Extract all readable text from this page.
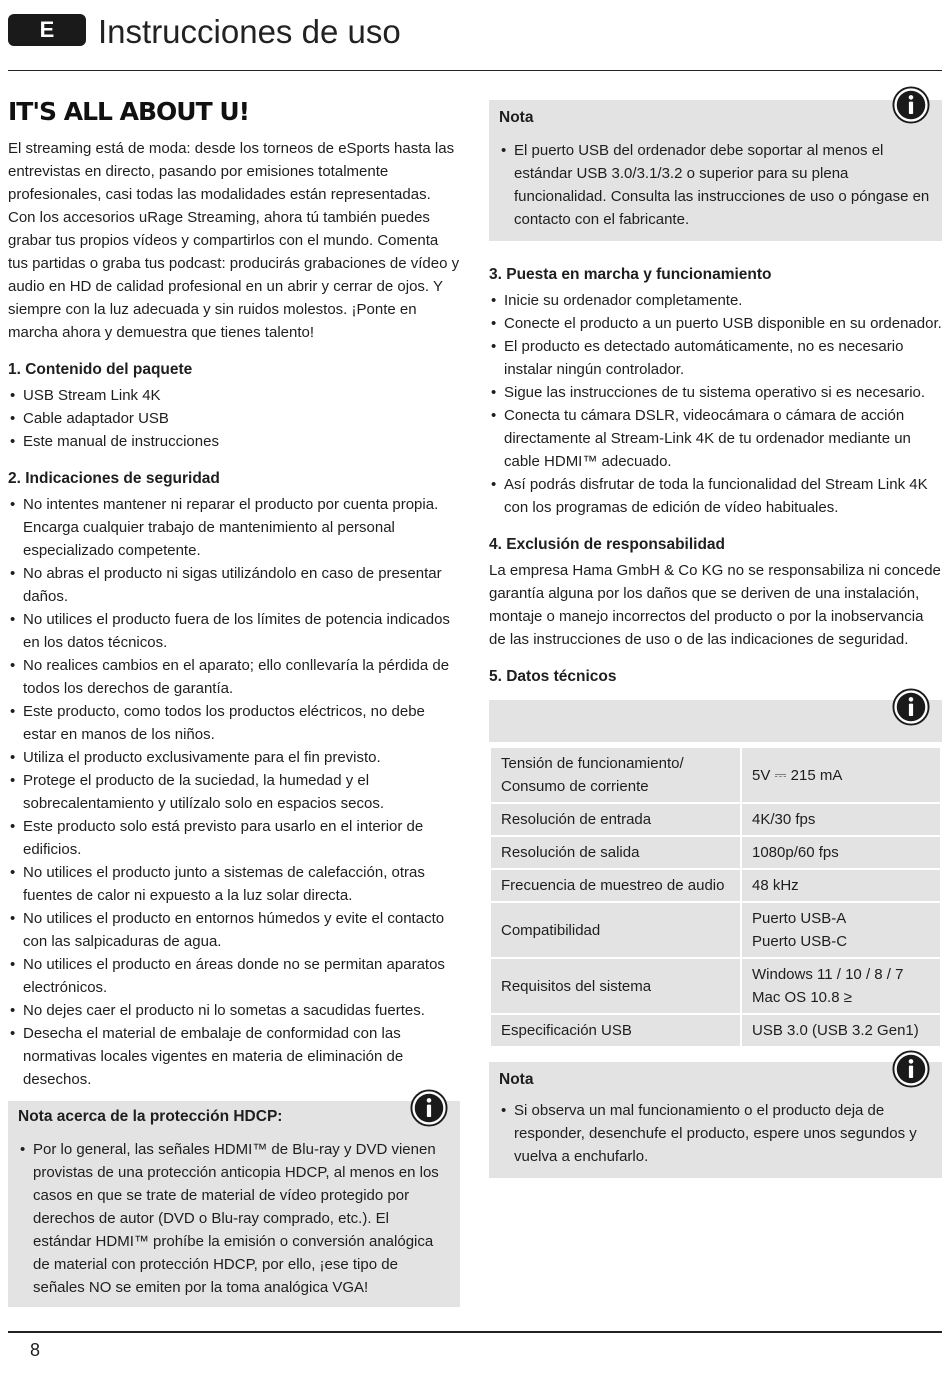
E	Instrucciones de uso
IT'S ALL ABOUT U!

El streaming está de moda: desde los torneos de eSports hasta las entrevistas en directo, pasando por emisiones totalmente profesionales, casi todas las modalidades están representadas. Con los accesorios uRage Streaming, ahora tú también puedes grabar tus propios vídeos y compartirlos con el mundo. Comenta tus partidas o graba tus podcast: producirás grabaciones de vídeo y audio en HD de calidad profesional en un abrir y cerrar de ojos. Y siempre con la luz adecuada y sin ruidos molestos. ¡Ponte en marcha ahora y demuestra que tienes talento!

1. Contenido del paquete
• USB Stream Link 4K
• Cable adaptador USB
• Este manual de instrucciones
2. Indicaciones de seguridad
• No intentes mantener ni reparar el producto por cuenta propia. Encarga cualquier trabajo de mantenimiento al personal especializado competente.
• No abras el producto ni sigas utilizándolo en caso de presentar daños.
• No utilices el producto fuera de los límites de potencia indicados en los datos técnicos.
• No realices cambios en el aparato; ello conllevaría la pérdida de todos los derechos de garantía.
• Este producto, como todos los productos eléctricos, no debe estar en manos de los niños.
• Utiliza el producto exclusivamente para el fin previsto.
• Protege el producto de la suciedad, la humedad y el sobrecalentamiento y utilízalo solo en espacios secos.
• Este producto solo está previsto para usarlo en el interior de edificios.
• No utilices el producto junto a sistemas de calefacción, otras fuentes de calor ni expuesto a la luz solar directa.
• No utilices el producto en entornos húmedos y evite el contacto con las salpicaduras de agua.
• No utilices el producto en áreas donde no se permitan aparatos electrónicos.
• No dejes caer el producto ni lo sometas a sacudidas fuertes.
• Desecha el material de embalaje de conformidad con las normativas locales vigentes en materia de eliminación de desechos.
Nota acerca de la protección HDCP:
• Por lo general, las señales HDMI™ de Blu-ray y DVD vienen provistas de una protección anticopia HDCP, al menos en los casos en que se trate de material de vídeo protegido por derechos de autor (DVD o Blu-ray comprado, etc.). El estándar HDMI™ prohíbe la emisión o conversión analógica de material con protección HDCP, por ello, ¡ese tipo de señales NO se emiten por la toma analógica VGA!
Nota
• El puerto USB del ordenador debe soportar al menos el estándar USB 3.0/3.1/3.2 o superior para su plena funcionalidad. Consulta las instrucciones de uso o póngase en contacto con el fabricante.
3. Puesta en marcha y funcionamiento
• Inicie su ordenador completamente.
• Conecte el producto a un puerto USB disponible en su ordenador.
• El producto es detectado automáticamente, no es necesario instalar ningún controlador.
• Sigue las instrucciones de tu sistema operativo si es necesario.
• Conecta tu cámara DSLR, videocámara o cámara de acción directamente al Stream-Link 4K de tu ordenador mediante un cable HDMI™ adecuado.
• Así podrás disfrutar de toda la funcionalidad del Stream Link 4K con los programas de edición de vídeo habituales.
4. Exclusión de responsabilidad

La empresa Hama GmbH & Co KG no se responsabiliza ni concede garantía alguna por los daños que se deriven de una instalación, montaje o manejo incorrectos del producto o por la inobservancia de las instrucciones de uso o de las indicaciones de seguridad.

5. Datos técnicos
Tensión de funcionamiento/
Consumo de corriente	5V ⎓ 215 mA

Resolución de entrada	4K/30 fps

Resolución de salida	1080p/60 fps

Frecuencia de muestreo de audio	48 kHz

Compatibilidad	Puerto USB-A
Puerto USB-C

Requisitos del sistema	Windows 11 / 10 / 8 / 7
Mac OS 10.8 ≥

Especificación USB	USB 3.0 (USB 3.2 Gen1)
Nota
• Si observa un mal funcionamiento o el producto deja de responder, desenchufe el producto, espere unos segundos y vuelva a enchufarlo.
8
